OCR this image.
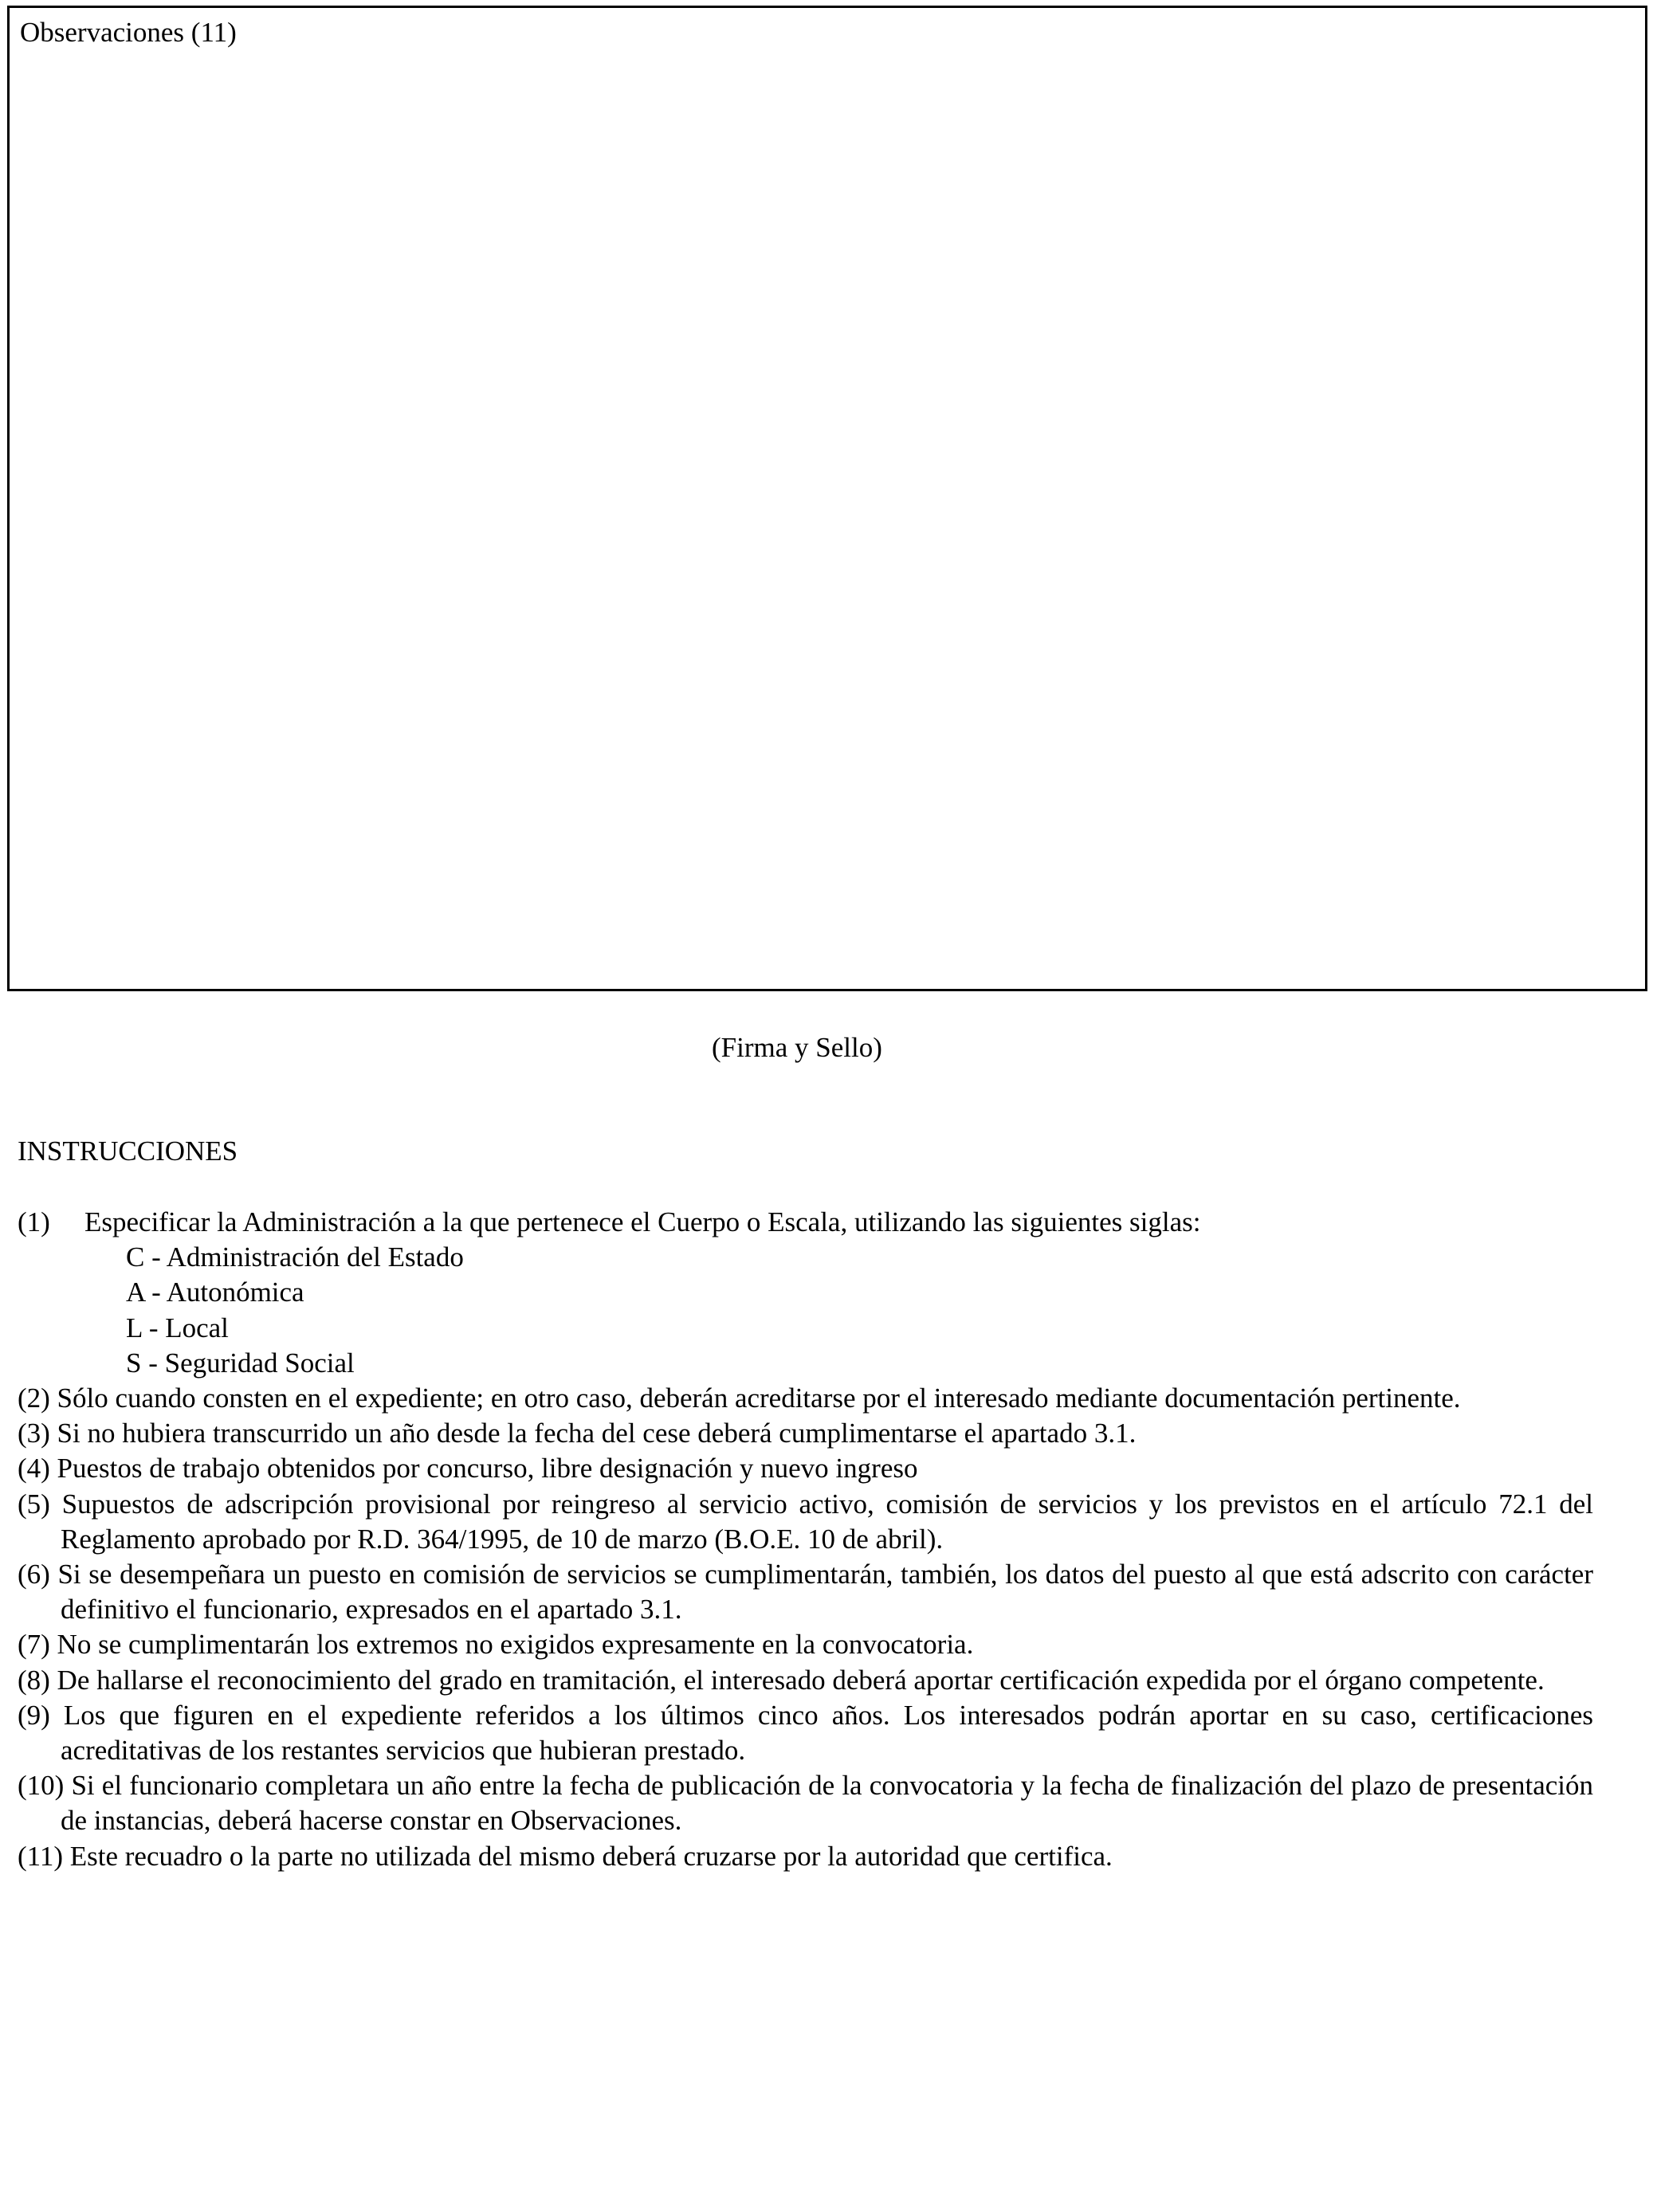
Observaciones (11)
(Firma y Sello)
INSTRUCCIONES
(1) Especificar la Administración a la que pertenece el Cuerpo o Escala, utilizando las siguientes siglas:
C - Administración del Estado
A - Autonómica
L - Local
S - Seguridad Social
(2) Sólo cuando consten en el expediente; en otro caso, deberán acreditarse por el interesado mediante documentación pertinente.
(3) Si no hubiera transcurrido un año desde la fecha del cese deberá cumplimentarse el apartado 3.1.
(4) Puestos de trabajo obtenidos por concurso, libre designación y nuevo ingreso
(5) Supuestos de adscripción provisional por reingreso al servicio activo, comisión de servicios y los previstos en el artículo 72.1 del Reglamento aprobado por R.D. 364/1995, de 10 de marzo (B.O.E. 10 de abril).
(6) Si se desempeñara un puesto en comisión de servicios se cumplimentarán, también, los datos del puesto al que está adscrito con carácter definitivo el funcionario, expresados en el apartado 3.1.
(7) No se cumplimentarán los extremos no exigidos expresamente en la convocatoria.
(8) De hallarse el reconocimiento del grado en tramitación, el interesado deberá aportar certificación expedida por el órgano competente.
(9) Los que figuren en el expediente referidos a los últimos cinco años. Los interesados podrán aportar en su caso, certificaciones acreditativas de los restantes servicios que hubieran prestado.
(10) Si el funcionario completara un año entre la fecha de publicación de la convocatoria y la fecha de finalización del plazo de presentación de instancias, deberá hacerse constar en Observaciones.
(11) Este recuadro o la parte no utilizada del mismo deberá cruzarse por la autoridad que certifica.
